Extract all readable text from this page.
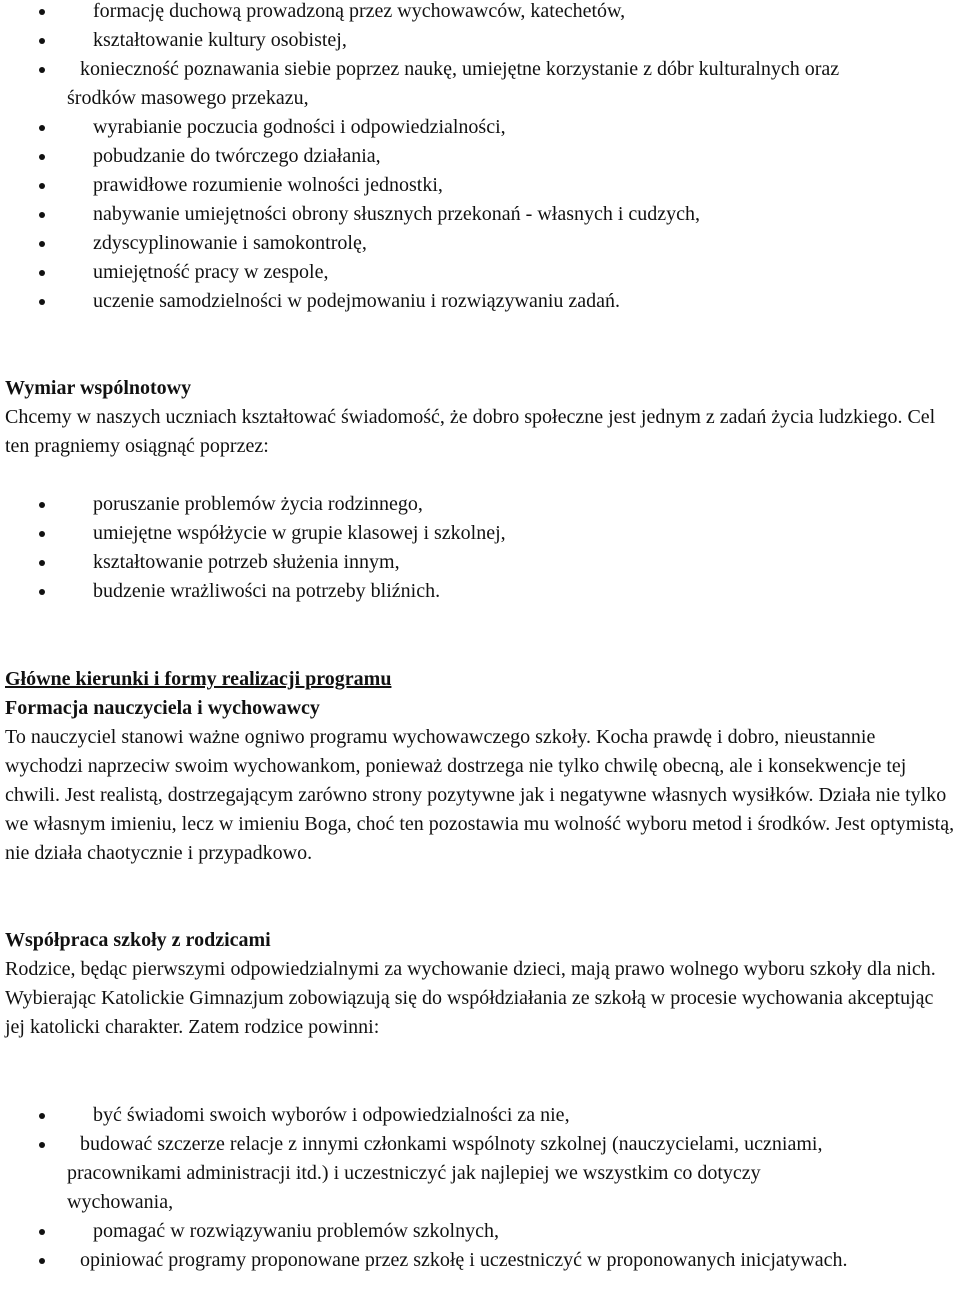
formację duchową prowadzoną przez wychowawców, katechetów,
kształtowanie kultury osobistej,
konieczność poznawania siebie poprzez naukę, umiejętne korzystanie z dóbr kulturalnych oraz środków masowego przekazu,
wyrabianie poczucia godności i odpowiedzialności,
pobudzanie do twórczego działania,
prawidłowe rozumienie wolności jednostki,
nabywanie umiejętności obrony słusznych przekonań - własnych i cudzych,
zdyscyplinowanie i samokontrolę,
umiejętność pracy w zespole,
uczenie samodzielności w podejmowaniu i rozwiązywaniu zadań.

Wymiar wspólnotowy

Chcemy w naszych uczniach kształtować świadomość, że dobro społeczne jest jednym z zadań życia ludzkiego. Cel ten pragniemy osiągnąć poprzez:

poruszanie problemów życia rodzinnego,
umiejętne współżycie w grupie klasowej i szkolnej,
kształtowanie potrzeb służenia innym,
budzenie wrażliwości na potrzeby bliźnich.

Główne kierunki i formy realizacji programu

Formacja nauczyciela i wychowawcy

To nauczyciel stanowi ważne ogniwo programu wychowawczego szkoły. Kocha prawdę i dobro, nieustannie wychodzi naprzeciw swoim wychowankom, ponieważ dostrzega nie tylko chwilę obecną, ale i konsekwencje tej chwili. Jest realistą, dostrzegającym zarówno strony pozytywne jak i negatywne własnych wysiłków. Działa nie tylko we własnym imieniu, lecz w imieniu Boga, choć ten pozostawia mu wolność wyboru metod i środków. Jest optymistą, nie działa chaotycznie i przypadkowo.

Współpraca szkoły z rodzicami

Rodzice, będąc pierwszymi odpowiedzialnymi za wychowanie dzieci, mają prawo wolnego wyboru szkoły dla nich. Wybierając Katolickie Gimnazjum zobowiązują się do współdziałania ze szkołą w procesie wychowania akceptując jej katolicki charakter. Zatem rodzice powinni:

być świadomi swoich wyborów i odpowiedzialności za nie,
budować szczerze relacje z innymi członkami wspólnoty szkolnej (nauczycielami, uczniami, pracownikami administracji itd.) i uczestniczyć jak najlepiej we wszystkim co dotyczy wychowania,
pomagać w rozwiązywaniu problemów szkolnych,
opiniować programy proponowane przez szkołę i uczestniczyć w proponowanych inicjatywach.
